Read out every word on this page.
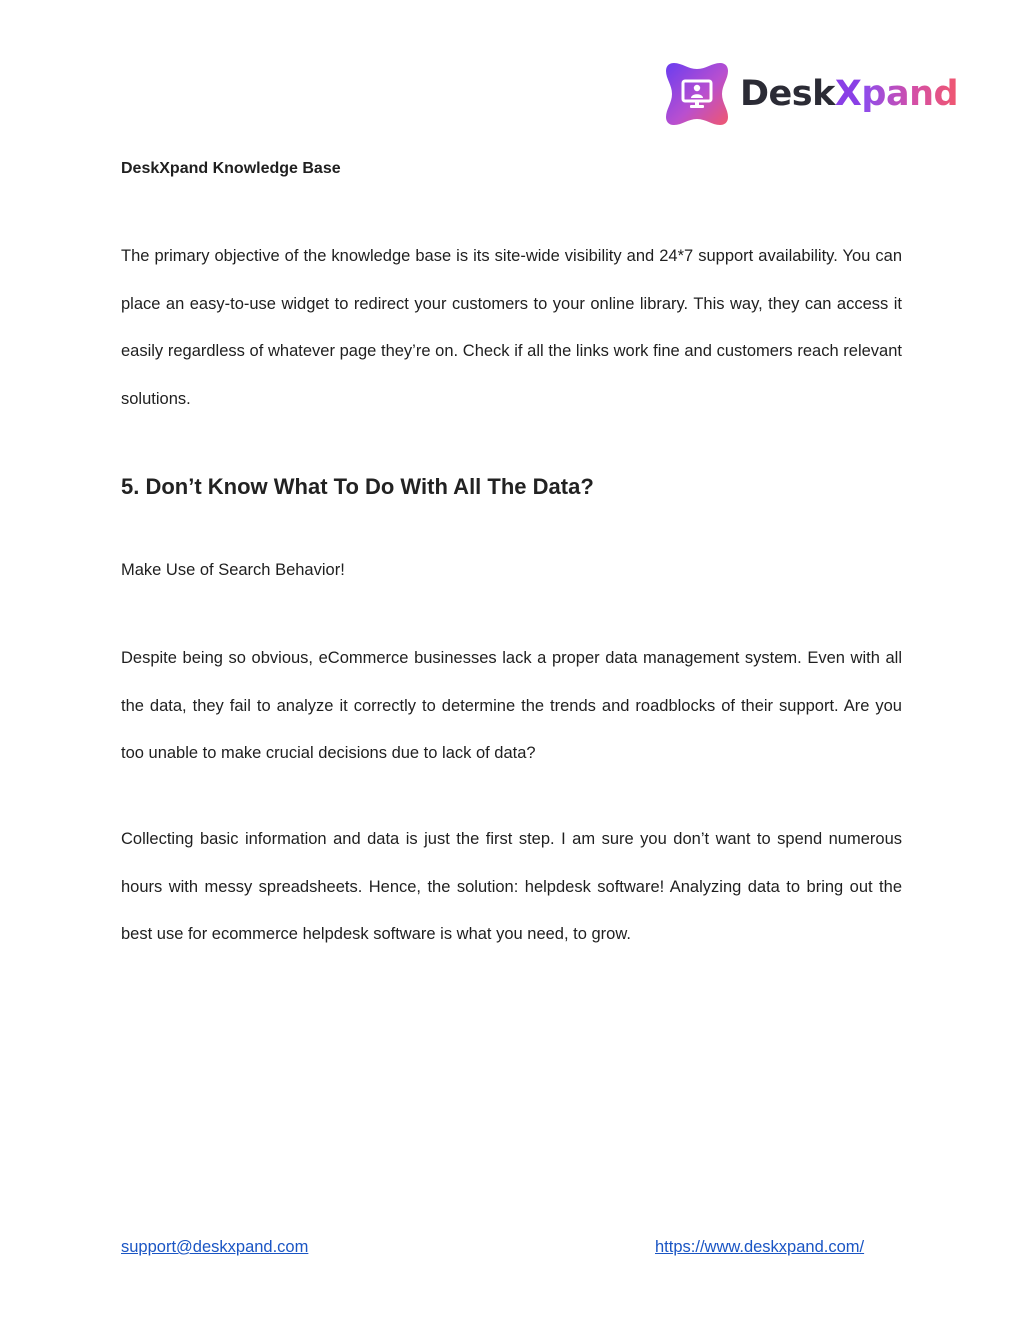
DeskXpand
DeskXpand Knowledge Base

The primary objective of the knowledge base is its site-wide visibility and 24*7 support availability. You can place an easy-to-use widget to redirect your customers to your online library. This way, they can access it easily regardless of whatever page they’re on. Check if all the links work fine and customers reach relevant solutions.

5. Don’t Know What To Do With All The Data?
Make Use of Search Behavior!

Despite being so obvious, eCommerce businesses lack a proper data management system. Even with all the data, they fail to analyze it correctly to determine the trends and roadblocks of their support. Are you too unable to make crucial decisions due to lack of data?

Collecting basic information and data is just the first step. I am sure you don’t want to spend numerous hours with messy spreadsheets. Hence, the solution: helpdesk software! Analyzing data to bring out the best use for ecommerce helpdesk software is what you need, to grow.

support@deskxpand.com	https://www.deskxpand.com/
